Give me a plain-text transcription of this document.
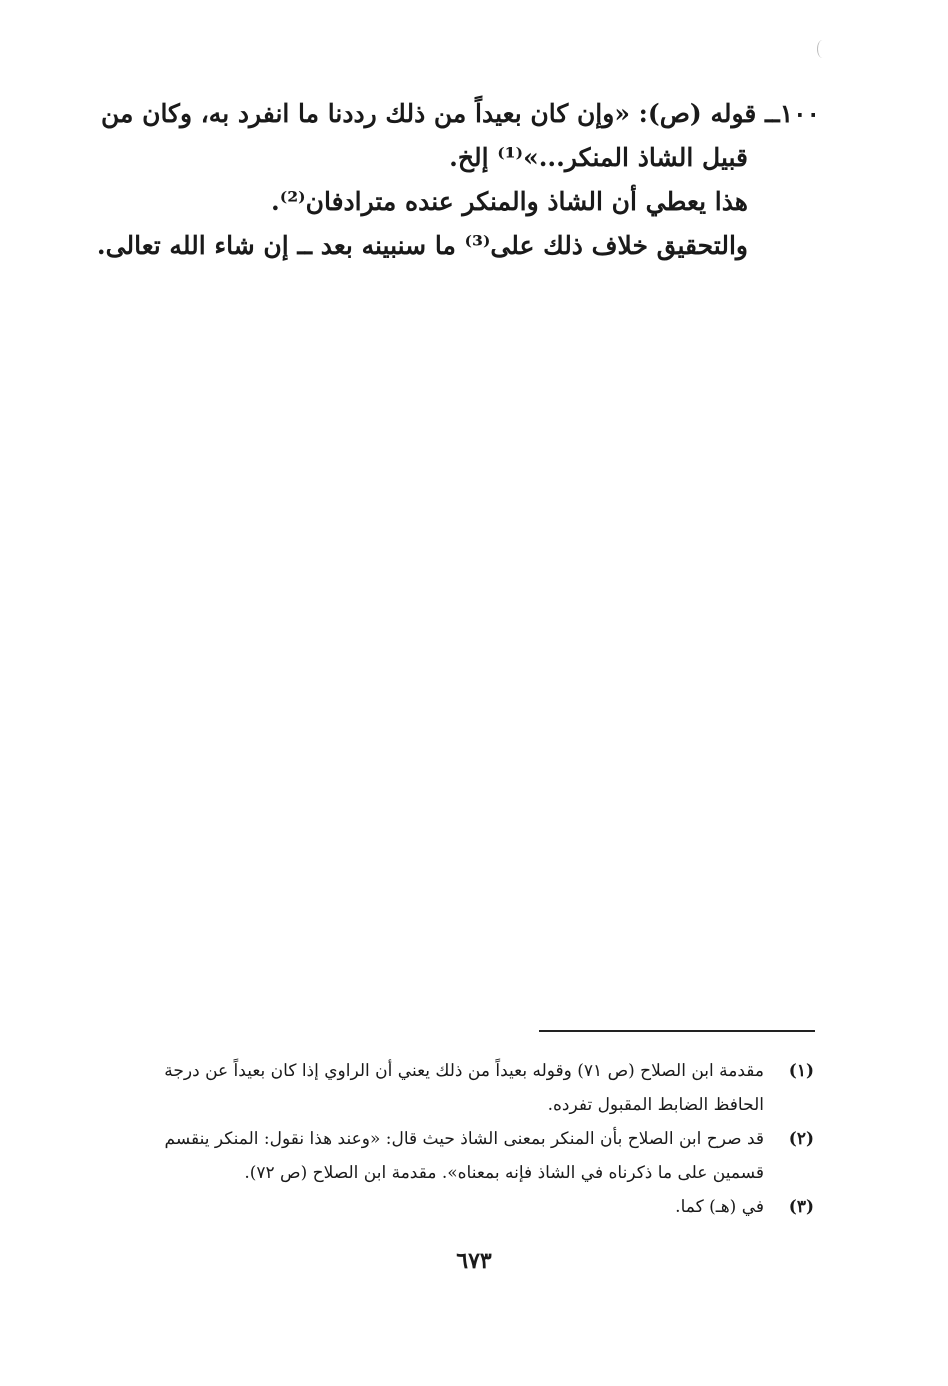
١٠٠ــ قوله (ص): «وإن كان بعيداً من ذلك رددنا ما انفرد به، وكان من
قبيل الشاذ المنكر...»⁽¹⁾ إلخ.
هذا يعطي أن الشاذ والمنكر عنده مترادفان⁽²⁾.
والتحقيق خلاف ذلك على⁽³⁾ ما سنبينه بعد ــ إن شاء الله تعالى.
(١)
مقدمة ابن الصلاح (ص ٧١) وقوله بعيداً من ذلك يعني أن الراوي إذا كان بعيداً عن درجة
الحافظ الضابط المقبول تفرده.
(٢)
قد صرح ابن الصلاح بأن المنكر بمعنى الشاذ حيث قال: «وعند هذا نقول: المنكر ينقسم
قسمين على ما ذكرناه في الشاذ فإنه بمعناه». مقدمة ابن الصلاح (ص ٧٢).
(٣)
في (هـ) كما.
٦٧٣
